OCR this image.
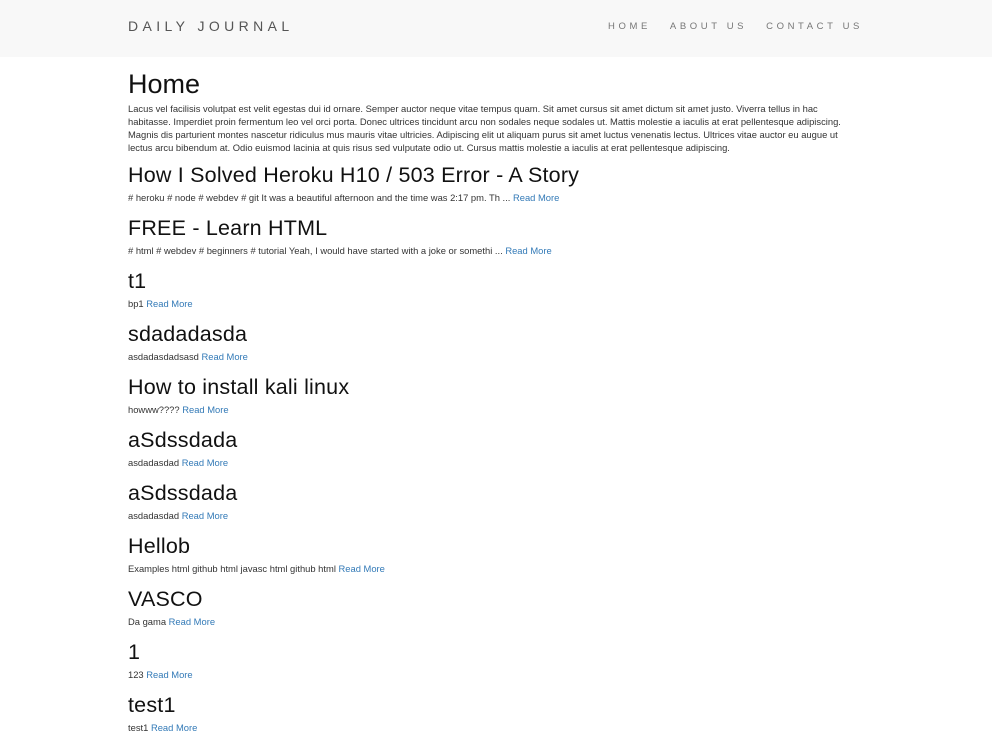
DAILY JOURNAL	HOME ABOUT US CONTACT US
Home

Lacus vel facilisis volutpat est velit egestas dui id ornare. Semper auctor neque vitae tempus quam. Sit amet cursus sit amet dictum sit amet justo. Viverra tellus in hac habitasse. Imperdiet proin fermentum leo vel orci porta. Donec ultrices tincidunt arcu non sodales neque sodales ut. Mattis molestie a iaculis at erat pellentesque adipiscing. Magnis dis parturient montes nascetur ridiculus mus mauris vitae ultricies. Adipiscing elit ut aliquam purus sit amet luctus venenatis lectus. Ultrices vitae auctor eu augue ut lectus arcu bibendum at. Odio euismod lacinia at quis risus sed vulputate odio ut. Cursus mattis molestie a iaculis at erat pellentesque adipiscing.

How I Solved Heroku H10 / 503 Error - A Story

# heroku # node # webdev # git It was a beautiful afternoon and the time was 2:17 pm. Th ... Read More

FREE - Learn HTML

# html # webdev # beginners # tutorial Yeah, I would have started with a joke or somethi ... Read More

t1

bp1 Read More

sdadadasda

asdadasdadsasd Read More

How to install kali linux

howww???? Read More

aSdssdada

asdadasdad Read More

aSdssdada

asdadasdad Read More

Hellob

Examples html github html javasc html github html Read More

VASCO

Da gama Read More

1

123 Read More

test1

test1 Read More
